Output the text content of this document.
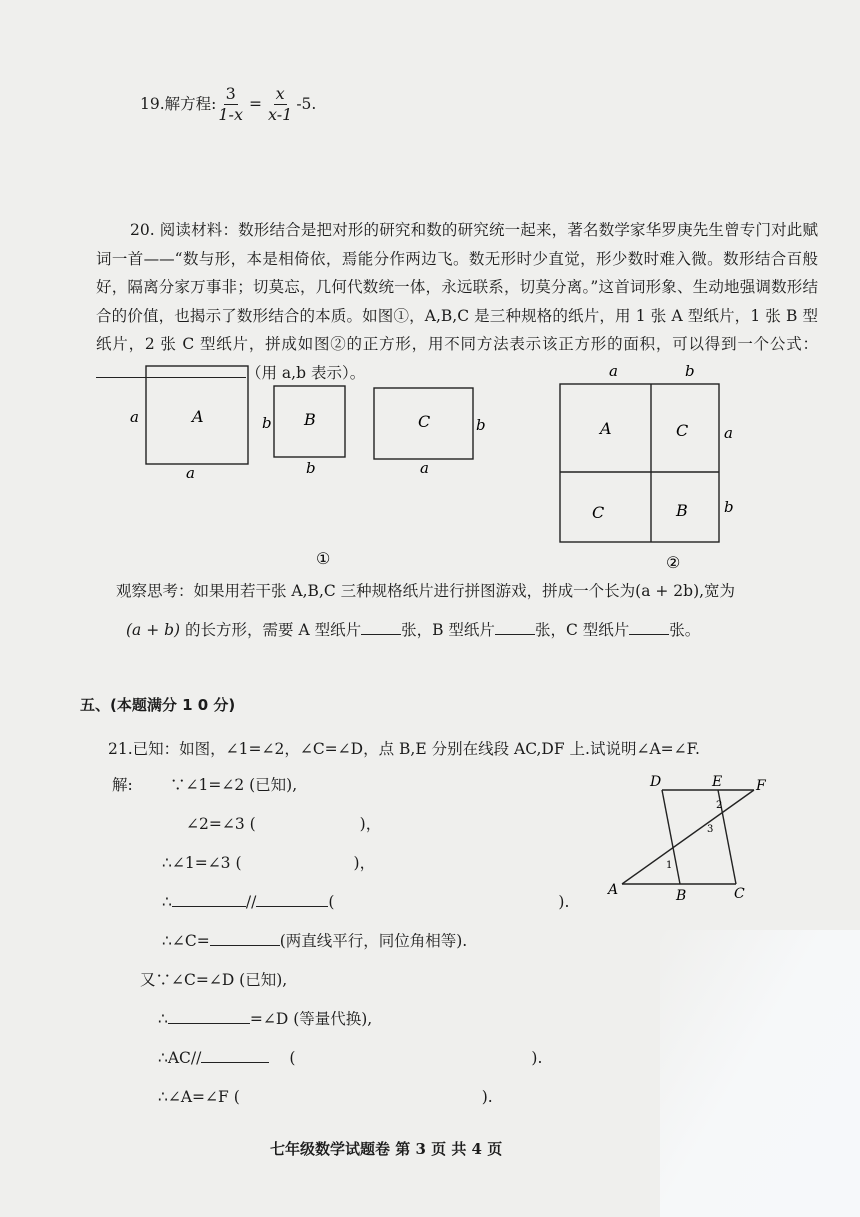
19.解方程: $\frac{3}{1-x} = \frac{x}{x-1} -5$.
20. 阅读材料：数形结合是把对形的研究和数的研究统一起来，著名数学家华罗庚先生曾专门对此赋词一首——“数与形，本是相倚依，焉能分作两边飞。数无形时少直觉，形少数时难入微。数形结合百般好，隔离分家万事非；切莫忘，几何代数统一体，永远联系，切莫分离。”这首词形象、生动地强调数形结合的价值，也揭示了数形结合的本质。如图①，A,B,C 是三种规格的纸片，用 1 张 A 型纸片，1 张 B 型纸片，2 张 C 型纸片，拼成如图②的正方形，用不同方法表示该正方形的面积，可以得到一个公式：（用 a,b 表示）。
A
a
a
B
b
b
C
a
b
①
a	b
A	C
C	B
a
b
②
观察思考：如果用若干张 A,B,C 三种规格纸片进行拼图游戏，拼成一个长为(a + 2b),宽为
(a + b) 的长方形，需要 A 型纸片	张，B 型纸片	张，C 型纸片	张。
五、(本题满分 1 0 分)
21.已知：如图，∠1=∠2，∠C=∠D，点 B,E 分别在线段 AC,DF 上.试说明∠A=∠F.
解: ∵∠1=∠2 (已知),
∠2=∠3 (	)，
∴∠1=∠3 (	)，
∴	//	(	).
∴∠C=	(两直线平行，同位角相等).
又∵∠C=∠D (已知),
∴	=∠D (等量代换),
∴AC//	(	).
∴∠A=∠F (	).
D	E F
A	B	C
1
2
3
七年级数学试题卷 第 3 页 共 4 页
